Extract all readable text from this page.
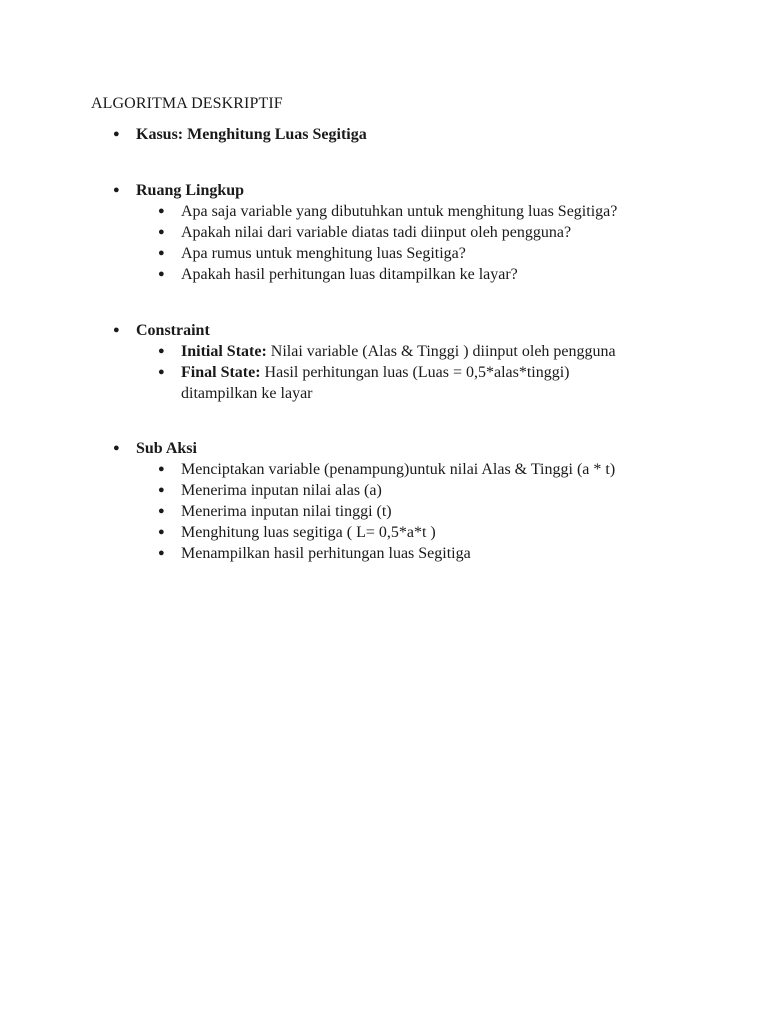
ALGORITMA DESKRIPTIF
● Kasus: Menghitung Luas Segitiga
● Ruang Lingkup
● Apa saja variable yang dibutuhkan untuk menghitung luas Segitiga?
● Apakah nilai dari variable diatas tadi diinput oleh pengguna?
● Apa rumus untuk menghitung luas Segitiga?
● Apakah hasil perhitungan luas ditampilkan ke layar?
● Constraint
● Initial State: Nilai variable (Alas & Tinggi ) diinput oleh pengguna
● Final State: Hasil perhitungan luas (Luas = 0,5*alas*tinggi) ditampilkan ke layar
● Sub Aksi
● Menciptakan variable (penampung)untuk nilai Alas & Tinggi (a * t)
● Menerima inputan nilai alas (a)
● Menerima inputan nilai tinggi (t)
● Menghitung luas segitiga ( L= 0,5*a*t )
● Menampilkan hasil perhitungan luas Segitiga
